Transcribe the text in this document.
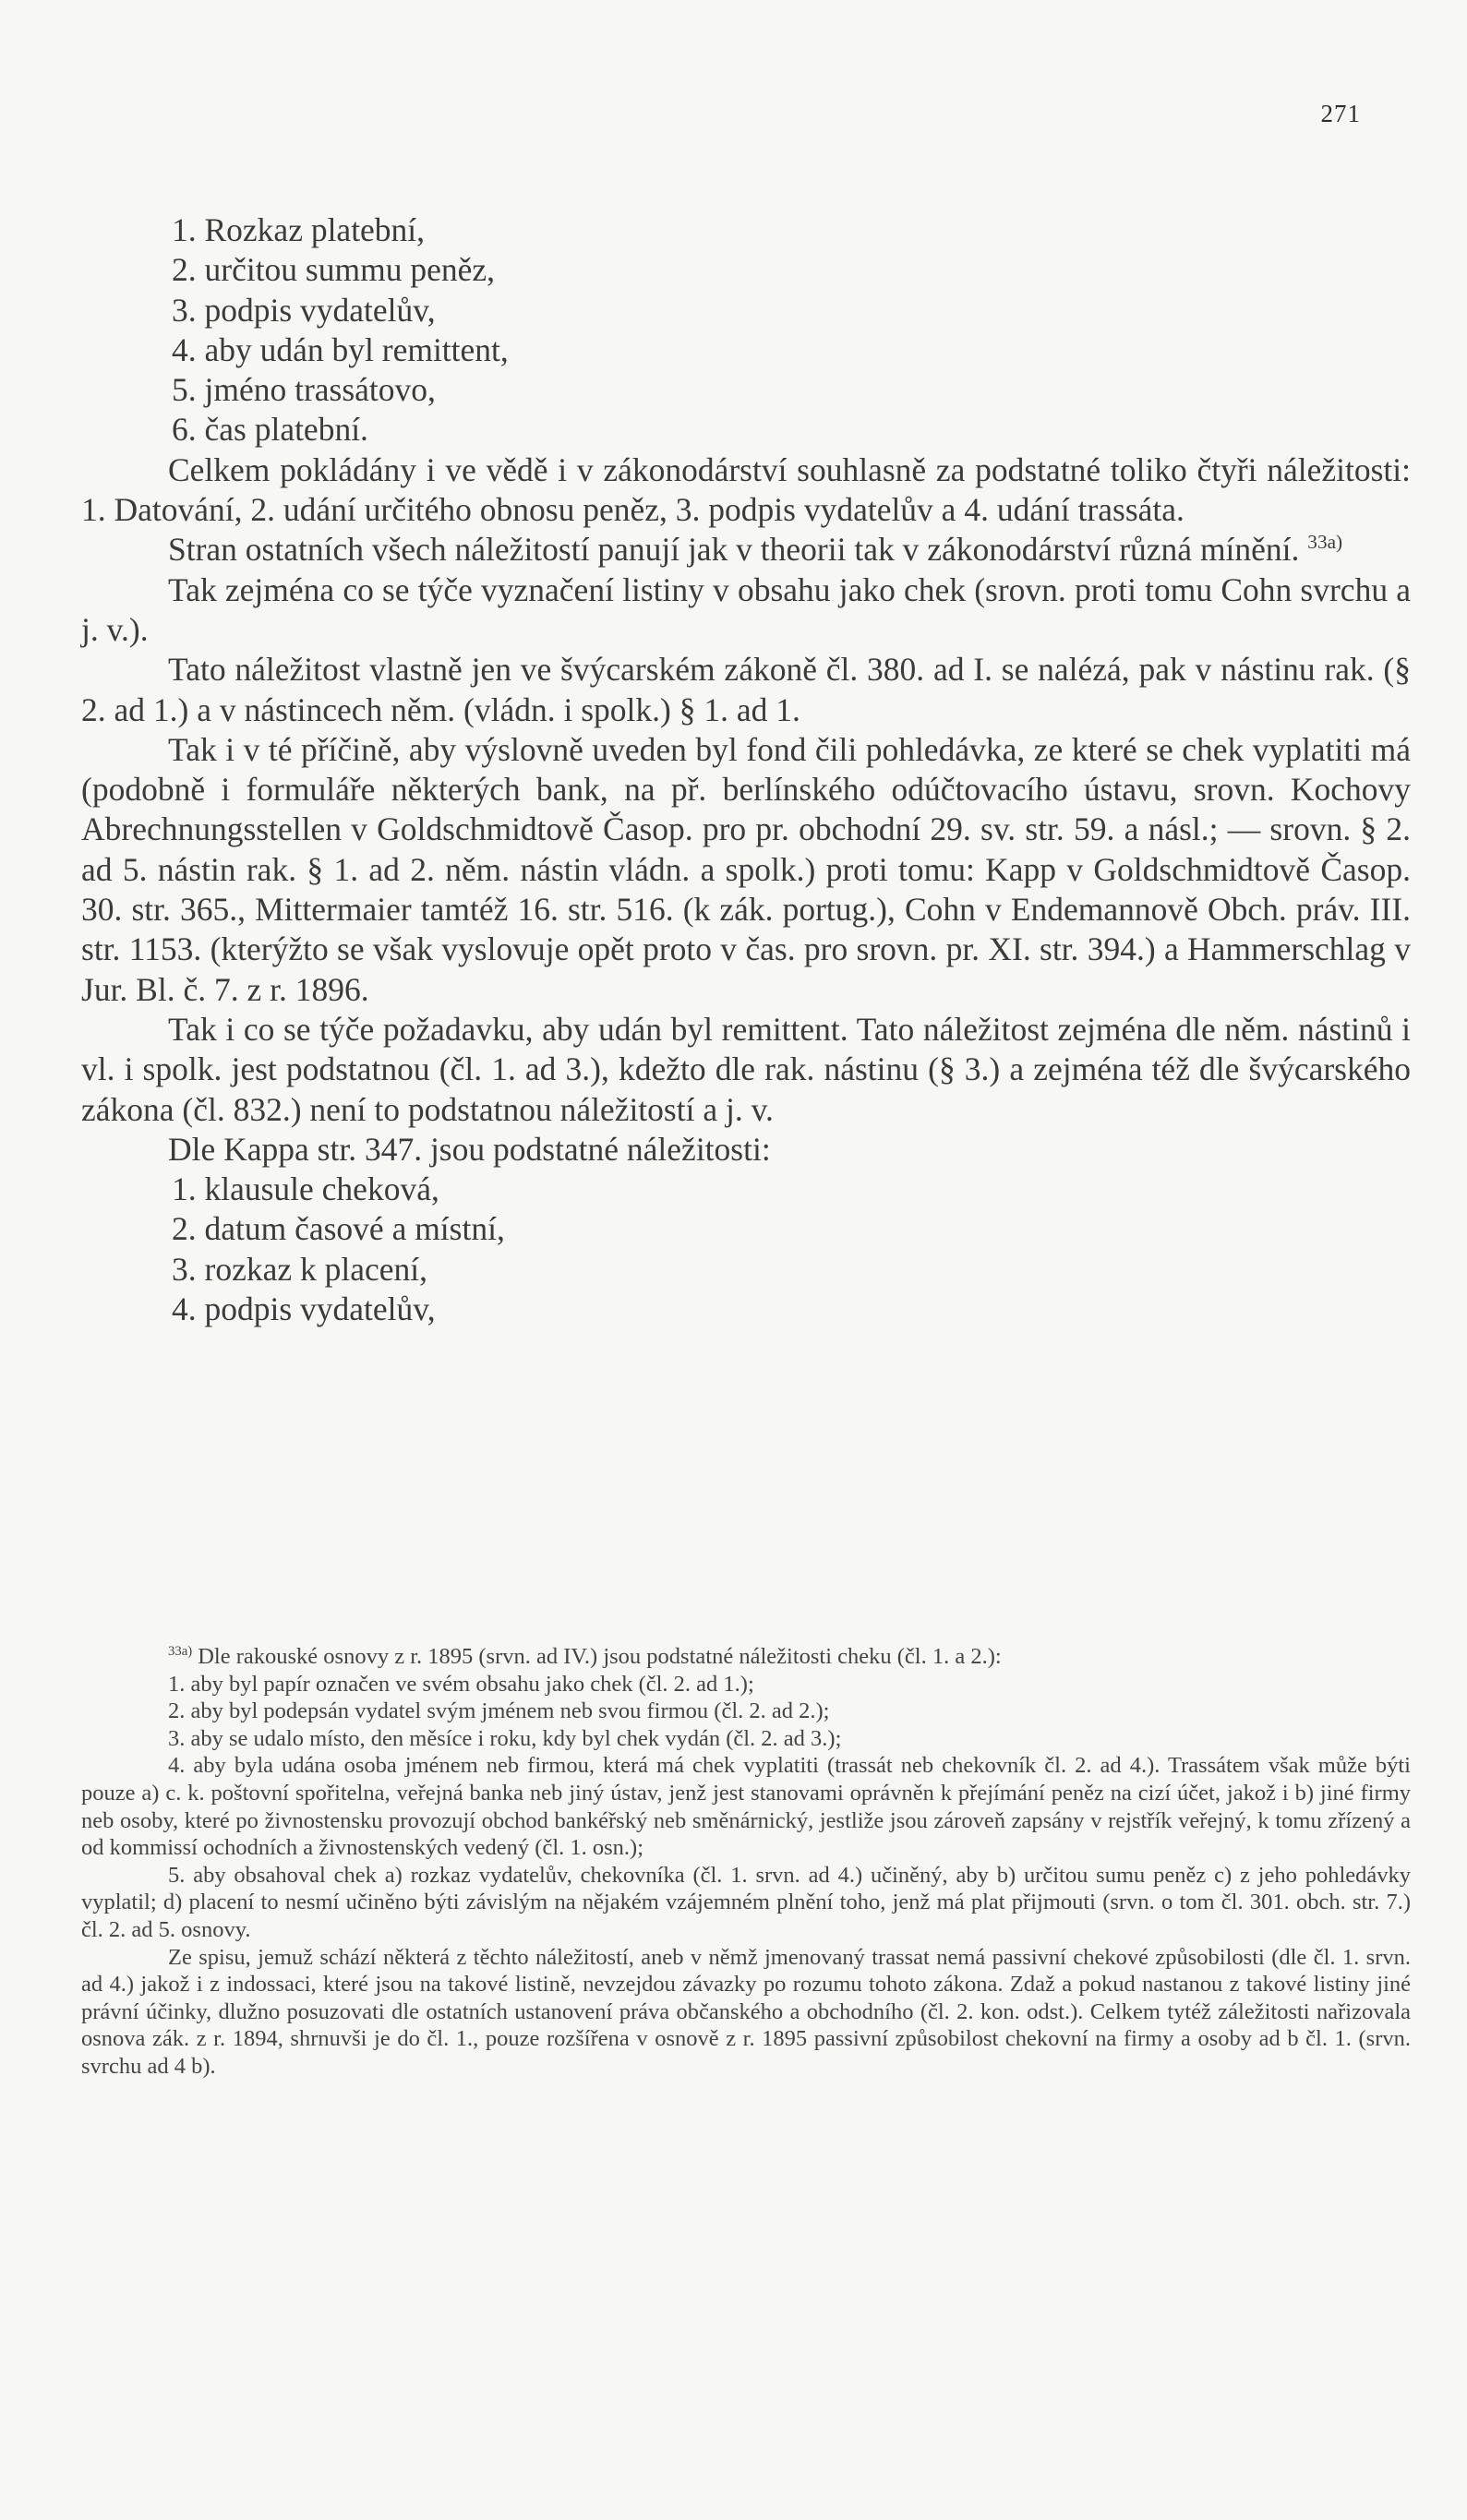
271

1. Rozkaz platební,

2. určitou summu peněz,

3. podpis vydatelův,

4. aby udán byl remittent,

5. jméno trassátovo,

6. čas platební.

Celkem pokládány i ve vědě i v zákonodárství souhlasně za podstatné toliko čtyři náležitosti: 1. Datování, 2. udání určitého obnosu peněz, 3. podpis vydatelův a 4. udání trassáta.

Stran ostatních všech náležitostí panují jak v theorii tak v zákonodárství různá mínění. $^{33a)}$

Tak zejména co se týče vyznačení listiny v obsahu jako chek (srovn. proti tomu Cohn svrchu a j. v.).

Tato náležitost vlastně jen ve švýcarském zákoně čl. 380. ad I. se nalézá, pak v nástinu rak. (§ 2. ad 1.) a v nástincech něm. (vládn. i spolk.) § 1. ad 1.

Tak i v té příčině, aby výslovně uveden byl fond čili pohledávka, ze které se chek vyplatiti má (podobně i formuláře některých bank, na př. berlínského odúčtovacího ústavu, srovn. Kochovy Abrechnungsstellen v Goldschmidtově Časop. pro pr. obchodní 29. sv. str. 59. a násl.; — srovn. § 2. ad 5. nástin rak. § 1. ad 2. něm. nástin vládn. a spolk.) proti tomu: Kapp v Goldschmidtově Časop. 30. str. 365., Mittermaier tamtéž 16. str. 516. (k zák. portug.), Cohn v Endemannově Obch. práv. III. str. 1153. (kterýžto se však vyslovuje opět proto v čas. pro srovn. pr. XI. str. 394.) a Hammerschlag v Jur. Bl. č. 7. z r. 1896.

Tak i co se týče požadavku, aby udán byl remittent. Tato náležitost zejména dle něm. nástinů i vl. i spolk. jest podstatnou (čl. 1. ad 3.), kdežto dle rak. nástinu (§ 3.) a zejména též dle švýcarského zákona (čl. 832.) není to podstatnou náležitostí a j. v.

Dle Kappa str. 347. jsou podstatné náležitosti:

1. klausule cheková,

2. datum časové a místní,

3. rozkaz k placení,

4. podpis vydatelův,

$^{33a)}$ Dle rakouské osnovy z r. 1895 (srvn. ad IV.) jsou podstatné náležitosti cheku (čl. 1. a 2.):

1. aby byl papír označen ve svém obsahu jako chek (čl. 2. ad 1.);

2. aby byl podepsán vydatel svým jménem neb svou firmou (čl. 2. ad 2.);

3. aby se udalo místo, den měsíce i roku, kdy byl chek vydán (čl. 2. ad 3.);

4. aby byla udána osoba jménem neb firmou, která má chek vyplatiti (trassát neb chekovník čl. 2. ad 4.). Trassátem však může býti pouze a) c. k. poštovní spořitelna, veřejná banka neb jiný ústav, jenž jest stanovami oprávněn k přejímání peněz na cizí účet, jakož i b) jiné firmy neb osoby, které po živnostensku provozují obchod bankéřský neb směnárnický, jestliže jsou zároveň zapsány v rejstřík veřejný, k tomu zřízený a od kommissí ochodních a živnostenských vedený (čl. 1. osn.);

5. aby obsahoval chek a) rozkaz vydatelův, chekovníka (čl. 1. srvn. ad 4.) učiněný, aby b) určitou sumu peněz c) z jeho pohledávky vyplatil; d) placení to nesmí učiněno býti závislým na nějakém vzájemném plnění toho, jenž má plat přijmouti (srvn. o tom čl. 301. obch. str. 7.) čl. 2. ad 5. osnovy.

Ze spisu, jemuž schází některá z těchto náležitostí, aneb v němž jmenovaný trassat nemá passivní chekové způsobilosti (dle čl. 1. srvn. ad 4.) jakož i z indossaci, které jsou na takové listině, nevzejdou závazky po rozumu tohoto zákona. Zdaž a pokud nastanou z takové listiny jiné právní účinky, dlužno posuzovati dle ostatních ustanovení práva občanského a obchodního (čl. 2. kon. odst.). Celkem tytéž záležitosti nařizovala osnova zák. z r. 1894, shrnuvši je do čl. 1., pouze rozšířena v osnově z r. 1895 passivní způsobilost chekovní na firmy a osoby ad b čl. 1. (srvn. svrchu ad 4 b).
